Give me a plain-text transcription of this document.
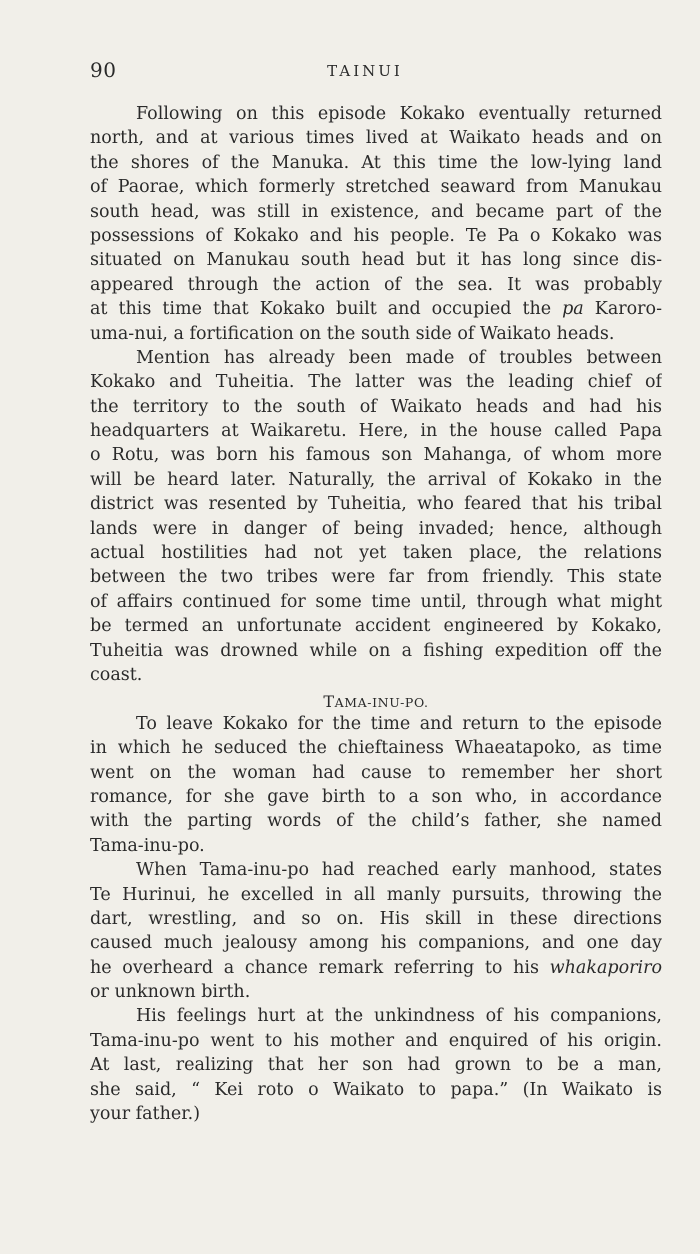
90	TAINUI
Following on this episode Kokako eventually returned
north, and at various times lived at Waikato heads and on
the shores of the Manuka. At this time the low-lying land
of Paorae, which formerly stretched seaward from Manukau
south head, was still in existence, and became part of the
possessions of Kokako and his people. Te Pa o Kokako was
situated on Manukau south head but it has long since dis-
appeared through the action of the sea. It was probably
at this time that Kokako built and occupied the pa Karoro-
uma-nui, a fortification on the south side of Waikato heads.
Mention has already been made of troubles between
Kokako and Tuheitia. The latter was the leading chief of
the territory to the south of Waikato heads and had his
headquarters at Waikaretu. Here, in the house called Papa
o Rotu, was born his famous son Mahanga, of whom more
will be heard later. Naturally, the arrival of Kokako in the
district was resented by Tuheitia, who feared that his tribal
lands were in danger of being invaded; hence, although
actual hostilities had not yet taken place, the relations
between the two tribes were far from friendly. This state
of affairs continued for some time until, through what might
be termed an unfortunate accident engineered by Kokako,
Tuheitia was drowned while on a fishing expedition off the
coast.
TAMA-INU-PO.
To leave Kokako for the time and return to the episode
in which he seduced the chieftainess Whaeatapoko, as time
went on the woman had cause to remember her short
romance, for she gave birth to a son who, in accordance
with the parting words of the child’s father, she named
Tama-inu-po.
When Tama-inu-po had reached early manhood, states
Te Hurinui, he excelled in all manly pursuits, throwing the
dart, wrestling, and so on. His skill in these directions
caused much jealousy among his companions, and one day
he overheard a chance remark referring to his whakaporiro
or unknown birth.
His feelings hurt at the unkindness of his companions,
Tama-inu-po went to his mother and enquired of his origin.
At last, realizing that her son had grown to be a man,
she said, “ Kei roto o Waikato to papa.” (In Waikato is
your father.)
